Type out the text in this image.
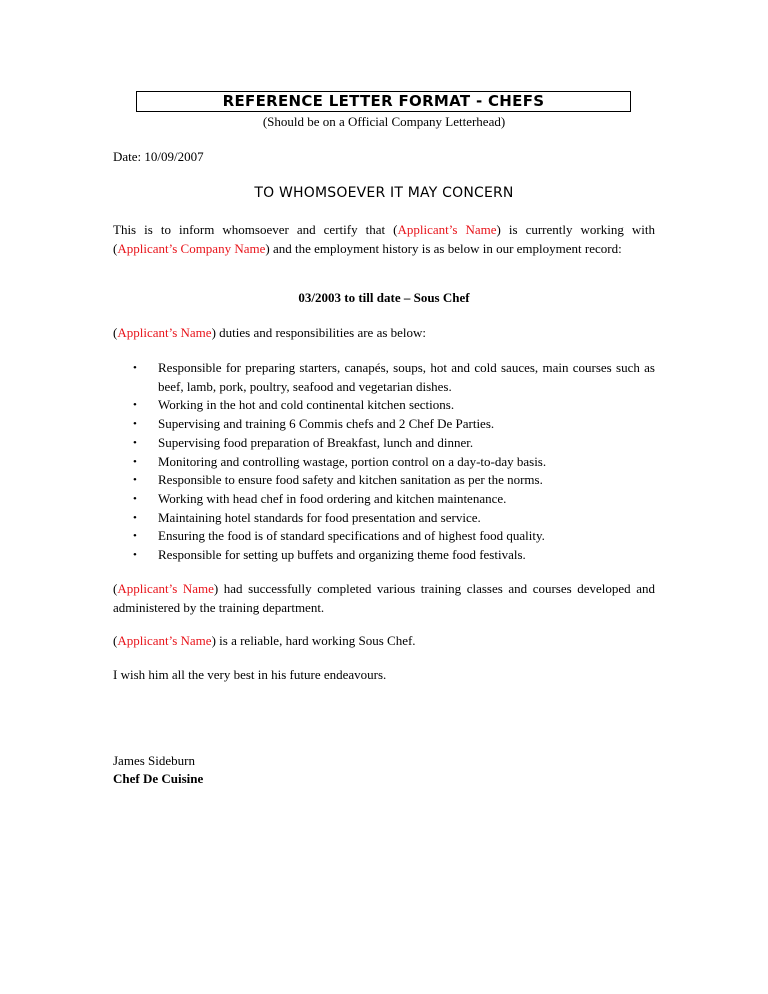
REFERENCE LETTER FORMAT - CHEFS
(Should be on a Official Company Letterhead)
Date: 10/09/2007
TO WHOMSOEVER IT MAY CONCERN

This is to inform whomsoever and certify that (Applicant’s Name) is currently working with (Applicant’s Company Name) and the employment history is as below in our employment record:

03/2003 to till date – Sous Chef

(Applicant’s Name) duties and responsibilities are as below:

• Responsible for preparing starters, canapés, soups, hot and cold sauces, main courses such as beef, lamb, pork, poultry, seafood and vegetarian dishes.
• Working in the hot and cold continental kitchen sections.
• Supervising and training 6 Commis chefs and 2 Chef De Parties.
• Supervising food preparation of Breakfast, lunch and dinner.
• Monitoring and controlling wastage, portion control on a day-to-day basis.
• Responsible to ensure food safety and kitchen sanitation as per the norms.
• Working with head chef in food ordering and kitchen maintenance.
• Maintaining hotel standards for food presentation and service.
• Ensuring the food is of standard specifications and of highest food quality.
• Responsible for setting up buffets and organizing theme food festivals.

(Applicant’s Name) had successfully completed various training classes and courses developed and administered by the training department.

(Applicant’s Name) is a reliable, hard working Sous Chef.

I wish him all the very best in his future endeavours.

James Sideburn
Chef De Cuisine
